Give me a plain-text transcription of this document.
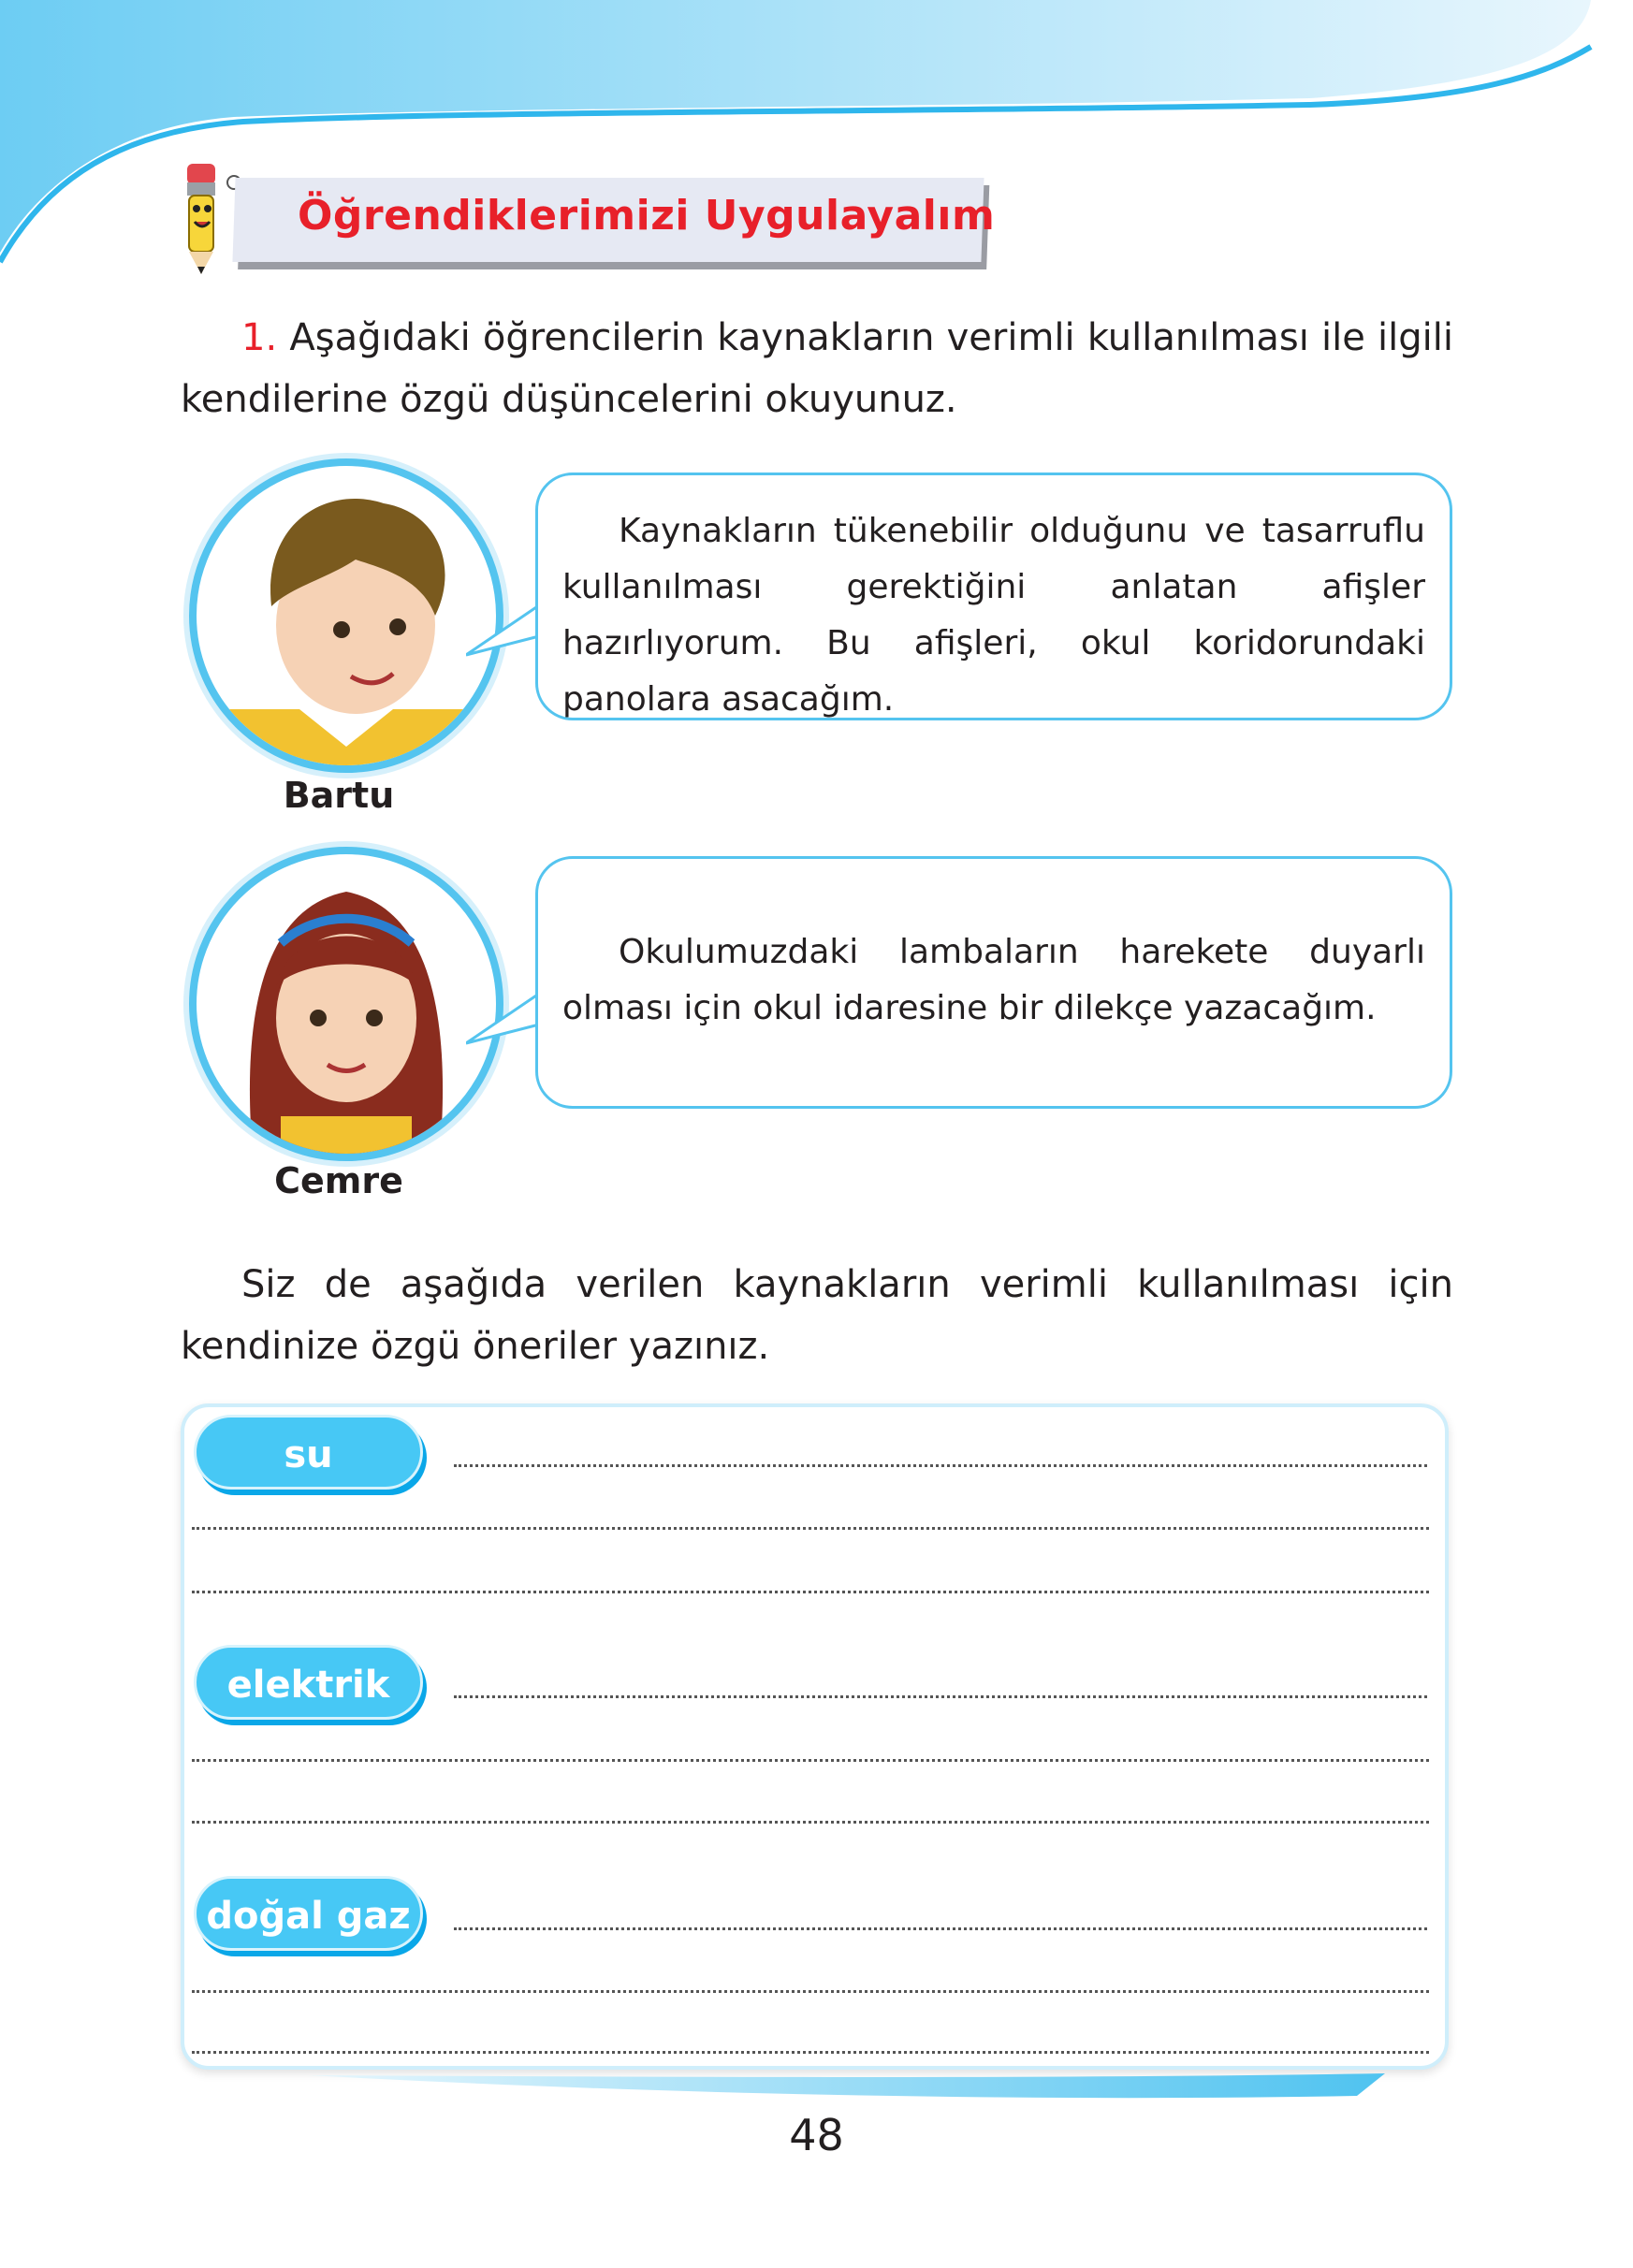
Öğrendiklerimizi Uygulayalım
1. Aşağıdaki öğrencilerin kaynakların verimli kullanılması ile ilgili kendilerine özgü düşüncelerini okuyunuz.
Kaynakların tükenebilir olduğunu ve tasarruflu kullanılması gerektiğini anlatan afişler hazırlıyorum. Bu afişleri, okul koridorundaki panolara asacağım.
Bartu
Okulumuzdaki lambaların harekete duyarlı olması için okul idaresine bir dilekçe yazacağım.
Cemre
Siz de aşağıda verilen kaynakların verimli kullanılması için kendinize özgü öneriler yazınız.
su
elektrik
doğal gaz
48
